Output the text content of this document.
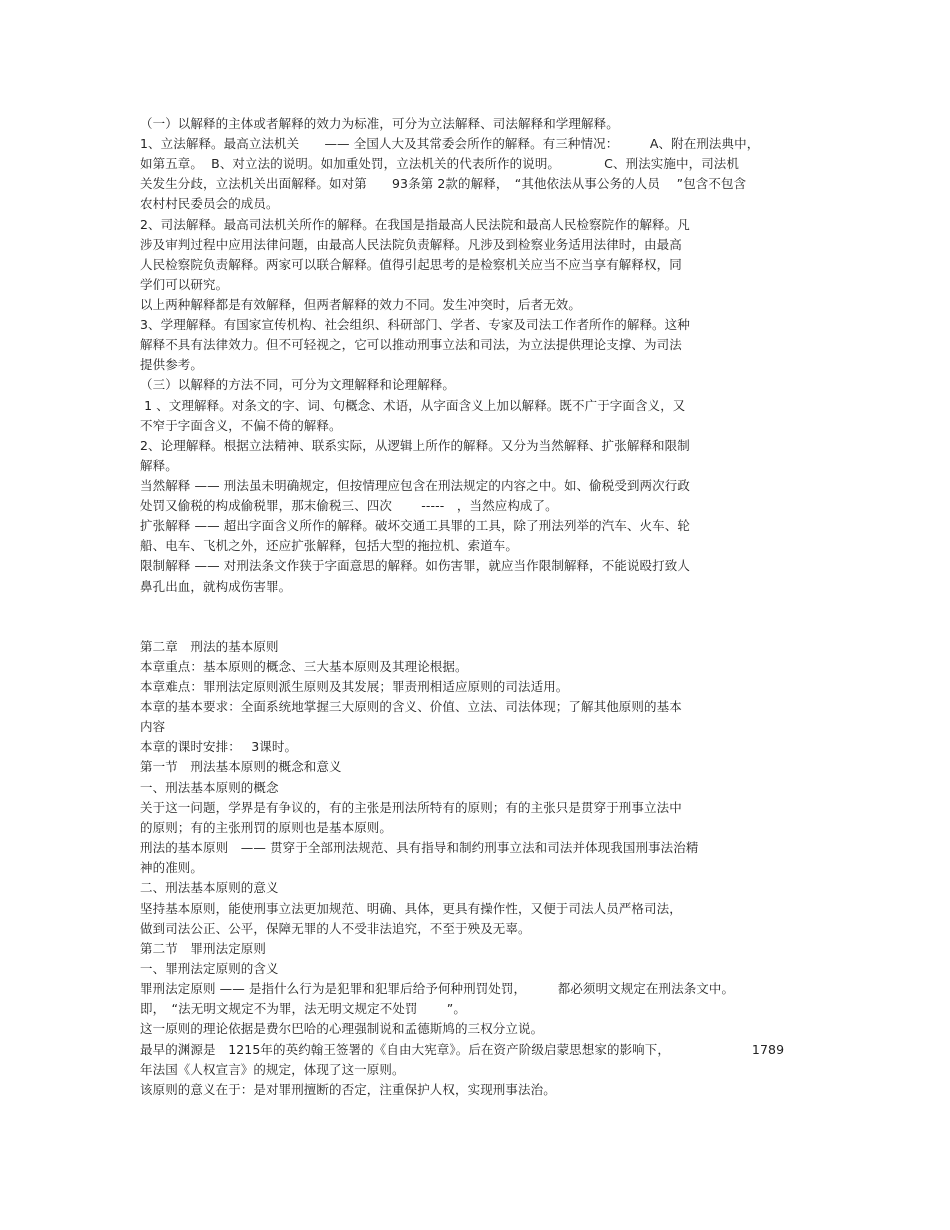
（一）以解释的主体或者解释的效力为标准，可分为立法解释、司法解释和学理解释。
1、立法解释。最高立法机关　　—— 全国人大及其常委会所作的解释。有三种情况：　　　A、附在刑法典中，
如第五章。  B、对立法的说明。如加重处罚，立法机关的代表所作的说明。　　　　C、刑法实施中，司法机
关发生分歧，立法机关出面解释。如对第　　93条第 2款的解释，　“其他依法从事公务的人员　 ”包含不包含
农村村民委员会的成员。
2、司法解释。最高司法机关所作的解释。在我国是指最高人民法院和最高人民检察院作的解释。凡
涉及审判过程中应用法律问题，由最高人民法院负责解释。凡涉及到检察业务适用法律时，由最高
人民检察院负责解释。两家可以联合解释。值得引起思考的是检察机关应当不应当享有解释权，同
学们可以研究。
以上两种解释都是有效解释，但两者解释的效力不同。发生冲突时，后者无效。
3、学理解释。有国家宣传机构、社会组织、科研部门、学者、专家及司法工作者所作的解释。这种
解释不具有法律效力。但不可轻视之，它可以推动刑事立法和司法，为立法提供理论支撑、为司法
提供参考。
（三）以解释的方法不同，可分为文理解释和论理解释。
1 、文理解释。对条文的字、词、句概念、术语，从字面含义上加以解释。既不广于字面含义，又
不窄于字面含义，不偏不倚的解释。
2、论理解释。根据立法精神、联系实际，从逻辑上所作的解释。又分为当然解释、扩张解释和限制
解释。
当然解释 —— 刑法虽未明确规定，但按情理应包含在刑法规定的内容之中。如、偷税受到两次行政
处罚又偷税的构成偷税罪，那末偷税三、四次　　 -----　，当然应构成了。
扩张解释 —— 超出字面含义所作的解释。破坏交通工具罪的工具，除了刑法列举的汽车、火车、轮
船、电车、飞机之外，还应扩张解释，包括大型的拖拉机、索道车。
限制解释 —— 对刑法条文作狭于字面意思的解释。如伤害罪，就应当作限制解释，不能说殴打致人
鼻孔出血，就构成伤害罪。
第二章　刑法的基本原则
本章重点：基本原则的概念、三大基本原则及其理论根据。
本章难点：罪刑法定原则派生原则及其发展；罪责刑相适应原则的司法适用。
本章的基本要求：全面系统地掌握三大原则的含义、价值、立法、司法体现；了解其他原则的基本
内容
本章的课时安排：　 3课时。
第一节　刑法基本原则的概念和意义
一、刑法基本原则的概念
关于这一问题，学界是有争议的，有的主张是刑法所特有的原则；有的主张只是贯穿于刑事立法中
的原则；有的主张刑罚的原则也是基本原则。
刑法的基本原则　—— 贯穿于全部刑法规范、具有指导和制约刑事立法和司法并体现我国刑事法治精
神的准则。
二、刑法基本原则的意义
坚持基本原则，能使刑事立法更加规范、明确、具体，更具有操作性，又便于司法人员严格司法，
做到司法公正、公平，保障无罪的人不受非法追究，不至于殃及无辜。
第二节　罪刑法定原则
一、罪刑法定原则的含义
罪刑法定原则 —— 是指什么行为是犯罪和犯罪后给予何种刑罚处罚，　　　都必须明文规定在刑法条文中。
即，　“法无明文规定不为罪，法无明文规定不处罚　　 ”。
这一原则的理论依据是费尔巴哈的心理强制说和孟德斯鸠的三权分立说。
最早的渊源是　1215年的英约翰王签署的《自由大宪章》。后在资产阶级启蒙思想家的影响下，　　　　　　　1789
年法国《人权宣言》的规定，体现了这一原则。
该原则的意义在于：是对罪刑擅断的否定，注重保护人权，实现刑事法治。
